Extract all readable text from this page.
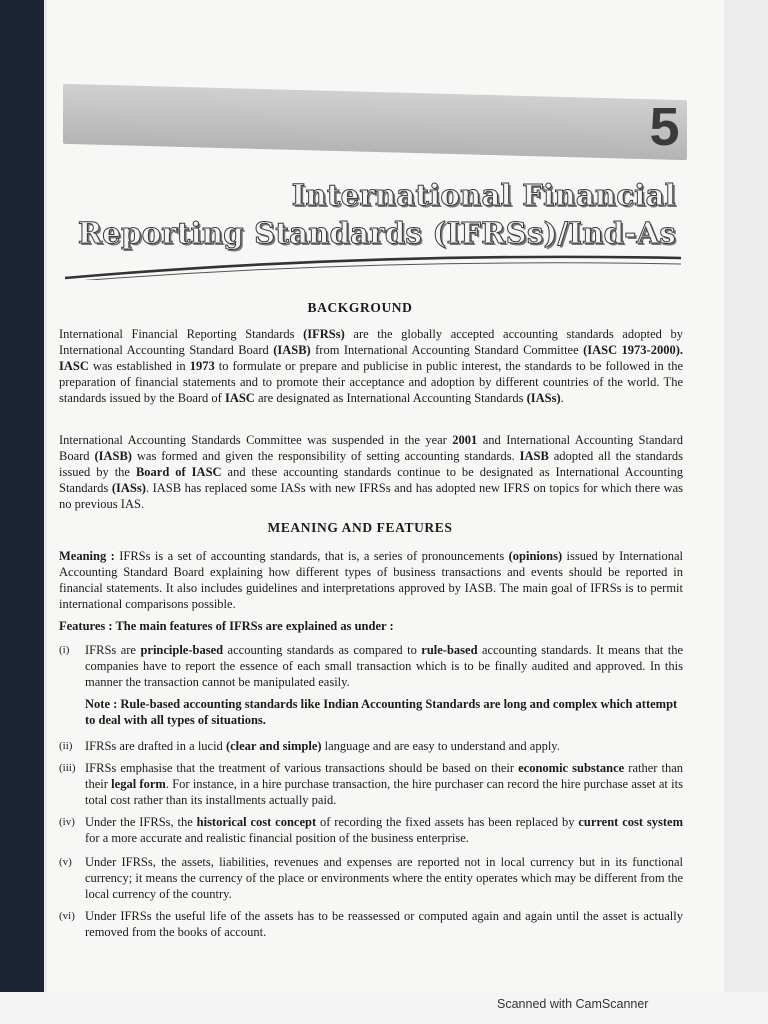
5
International Financial
Reporting Standards (IFRSs)/Ind-As
BACKGROUND

International Financial Reporting Standards (IFRSs) are the globally accepted accounting standards adopted by International Accounting Standard Board (IASB) from International Accounting Standard Committee (IASC 1973-2000). IASC was established in 1973 to formulate or prepare and publicise in public interest, the standards to be followed in the preparation of financial statements and to promote their acceptance and adoption by different countries of the world. The standards issued by the Board of IASC are designated as International Accounting Standards (IASs).

International Accounting Standards Committee was suspended in the year 2001 and International Accounting Standard Board (IASB) was formed and given the responsibility of setting accounting standards. IASB adopted all the standards issued by the Board of IASC and these accounting standards continue to be designated as International Accounting Standards (IASs). IASB has replaced some IASs with new IFRSs and has adopted new IFRS on topics for which there was no previous IAS.

MEANING AND FEATURES

Meaning : IFRSs is a set of accounting standards, that is, a series of pronouncements (opinions) issued by International Accounting Standard Board explaining how different types of business transactions and events should be reported in financial statements. It also includes guidelines and interpretations approved by IASB. The main goal of IFRSs is to permit international comparisons possible.

Features : The main features of IFRSs are explained as under :
(i) IFRSs are principle-based accounting standards as compared to rule-based accounting standards. It means that the companies have to report the essence of each small transaction which is to be finally audited and approved. In this manner the transaction cannot be manipulated easily.
Note : Rule-based accounting standards like Indian Accounting Standards are long and complex which attempt to deal with all types of situations.
(ii) IFRSs are drafted in a lucid (clear and simple) language and are easy to understand and apply.
(iii) IFRSs emphasise that the treatment of various transactions should be based on their economic substance rather than their legal form. For instance, in a hire purchase transaction, the hire purchaser can record the hire purchase asset at its total cost rather than its installments actually paid.
(iv) Under the IFRSs, the historical cost concept of recording the fixed assets has been replaced by current cost system for a more accurate and realistic financial position of the business enterprise.
(v) Under IFRSs, the assets, liabilities, revenues and expenses are reported not in local currency but in its functional currency; it means the currency of the place or environments where the entity operates which may be different from the local currency of the country.
(vi) Under IFRSs the useful life of the assets has to be reassessed or computed again and again until the asset is actually removed from the books of account.
Scanned with CamScanner
